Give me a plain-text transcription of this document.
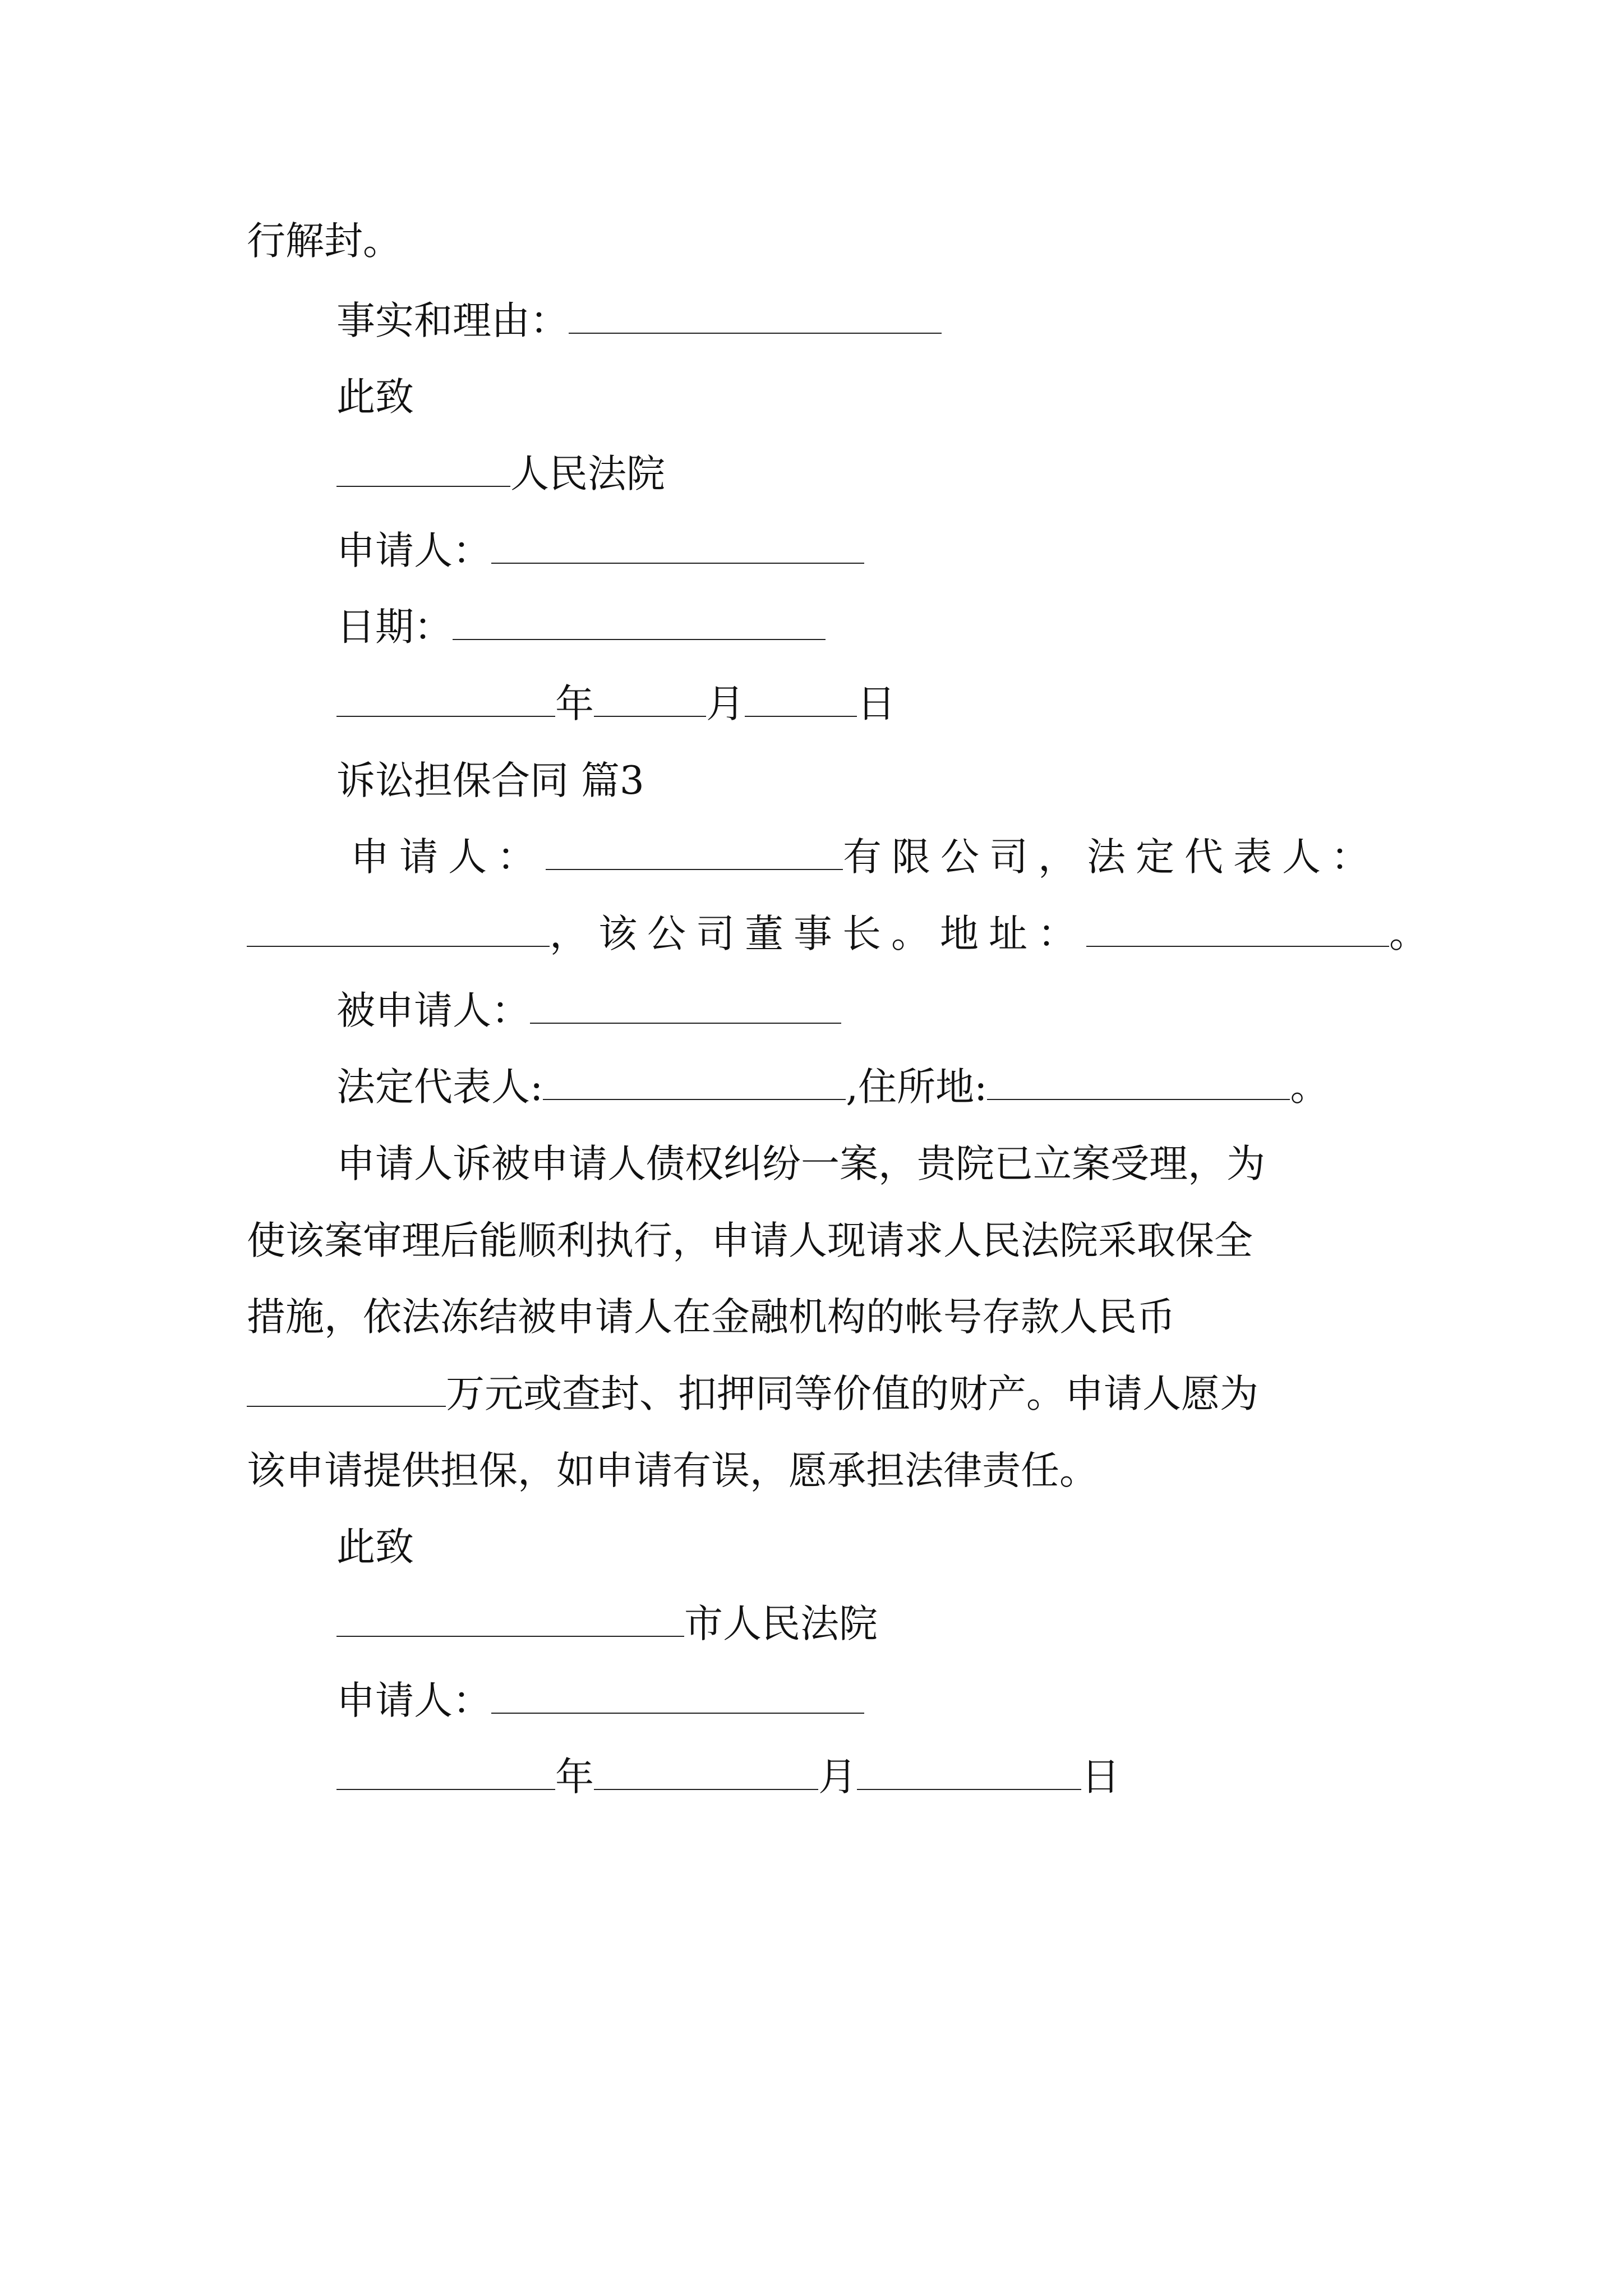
行解封。
事实和理由：
此致
人民法院
申请人：
日期：
年	月	日
诉讼担保合同 篇3
申请人：	有限公司，法定代表人：
，该公司董事长。地址：	。
被申请人：
法定代表人:	,住所地:	。
申请人诉被申请人债权纠纷一案，贵院已立案受理，为
使该案审理后能顺利执行，申请人现请求人民法院采取保全
措施，依法冻结被申请人在金融机构的帐号存款人民币
万元或查封、扣押同等价值的财产。申请人愿为
该申请提供担保，如申请有误，愿承担法律责任。
此致
市人民法院
申请人：
年	月	日
